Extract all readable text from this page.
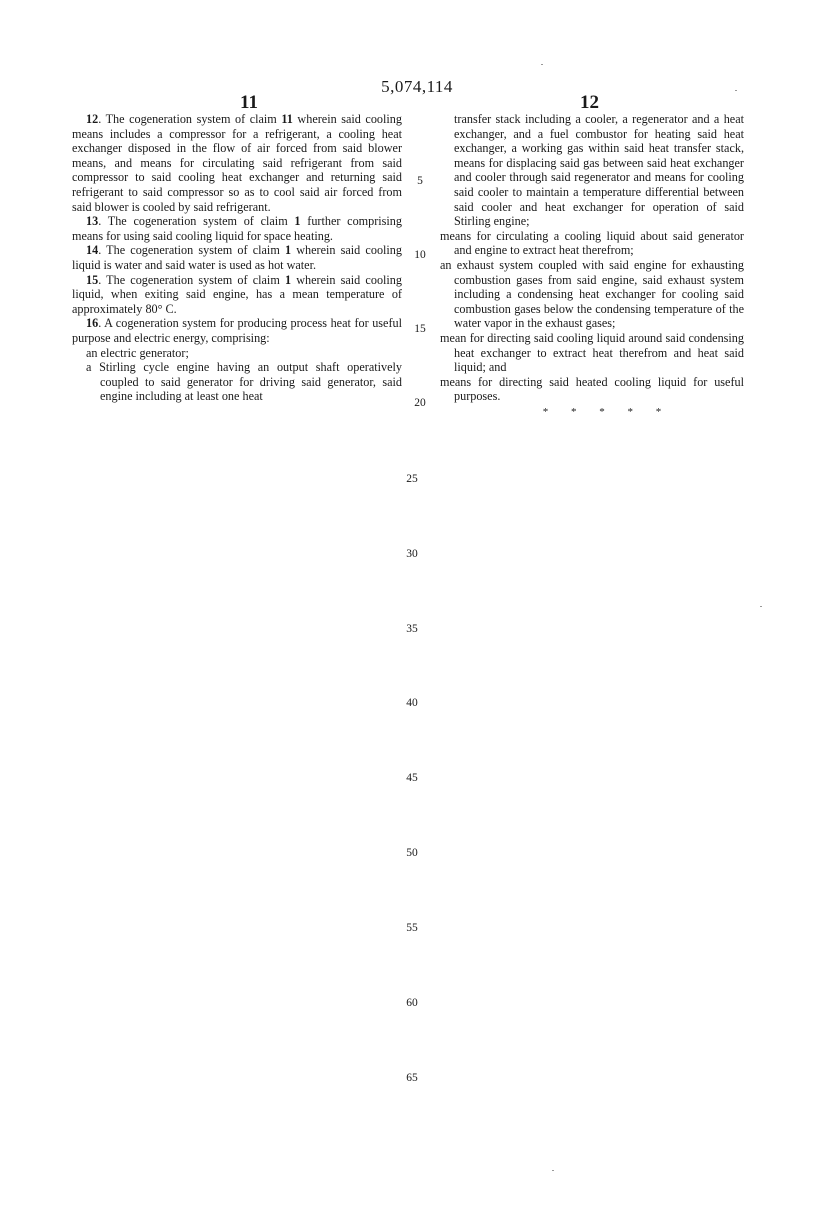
5,074,114
11	12

12. The cogeneration system of claim 11 wherein said cooling means includes a compressor for a refrigerant, a cooling heat exchanger disposed in the flow of air forced from said blower means, and means for circulating said refrigerant from said compressor to said cooling heat exchanger and returning said refrigerant to said compressor so as to cool said air forced from said blower is cooled by said refrigerant.

13. The cogeneration system of claim 1 further comprising means for using said cooling liquid for space heating.

14. The cogeneration system of claim 1 wherein said cooling liquid is water and said water is used as hot water.

15. The cogeneration system of claim 1 wherein said cooling liquid, when exiting said engine, has a mean temperature of approximately 80° C.

16. A cogeneration system for producing process heat for useful purpose and electric energy, comprising:

an electric generator;

a Stirling cycle engine having an output shaft operatively coupled to said generator for driving said generator, said engine including at least one heat

transfer stack including a cooler, a regenerator and a heat exchanger, and a fuel combustor for heating said heat exchanger, a working gas within said heat transfer stack, means for displacing said gas between said heat exchanger and cooler through said regenerator and means for cooling said cooler to maintain a temperature differential between said cooler and heat exchanger for operation of said Stirling engine;

means for circulating a cooling liquid about said generator and engine to extract heat therefrom;

an exhaust system coupled with said engine for exhausting combustion gases from said engine, said exhaust system including a condensing heat exchanger for cooling said combustion gases below the condensing temperature of the water vapor in the exhaust gases;

mean for directing said cooling liquid around said condensing heat exchanger to extract heat therefrom and heat said liquid; and

means for directing said heated cooling liquid for useful purposes.

* * * * *
5
10
15
20
25
30
35
40
45
50
55
60
65
